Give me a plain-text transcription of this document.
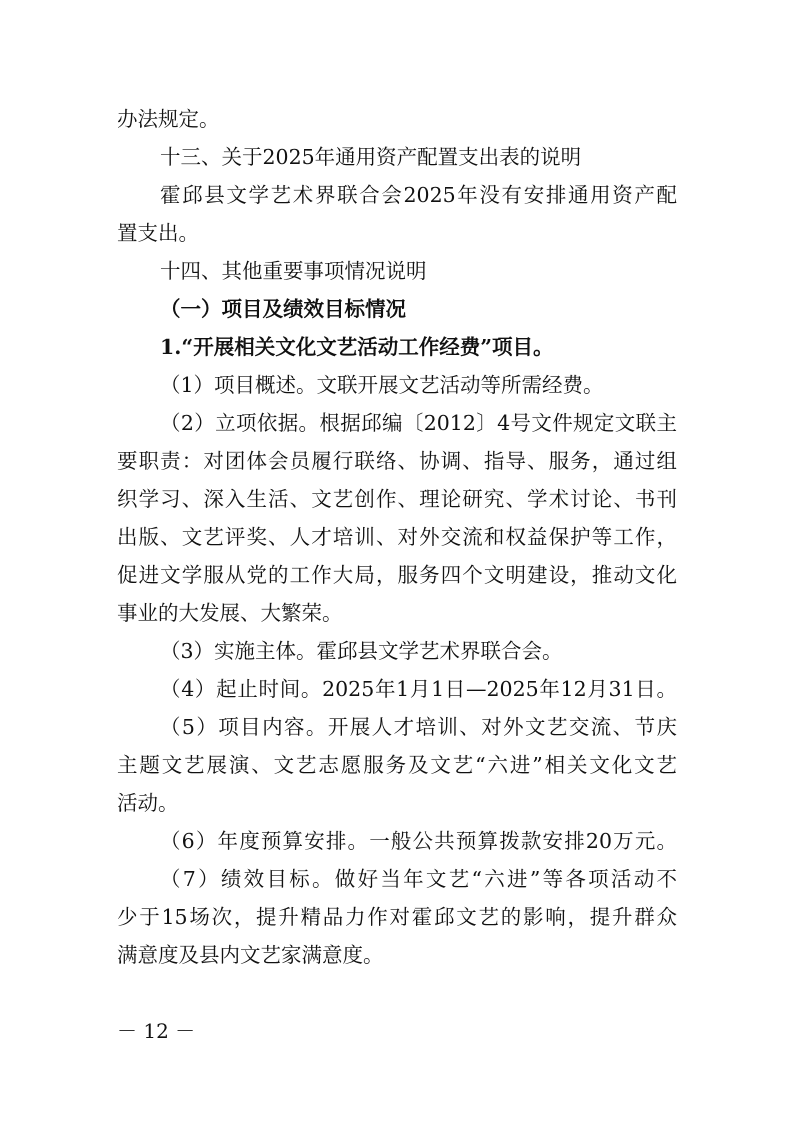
办法规定。
十三、关于2025年通用资产配置支出表的说明
霍邱县文学艺术界联合会2025年没有安排通用资产配
置支出。
十四、其他重要事项情况说明
（一）项目及绩效目标情况
1.“开展相关文化文艺活动工作经费”项目。
（1）项目概述。文联开展文艺活动等所需经费。
（2）立项依据。根据邱编〔2012〕4号文件规定文联主
要职责：对团体会员履行联络、协调、指导、服务，通过组
织学习、深入生活、文艺创作、理论研究、学术讨论、书刊
出版、文艺评奖、人才培训、对外交流和权益保护等工作，
促进文学服从党的工作大局，服务四个文明建设，推动文化
事业的大发展、大繁荣。
（3）实施主体。霍邱县文学艺术界联合会。
（4）起止时间。2025年1月1日—2025年12月31日。
（5）项目内容。开展人才培训、对外文艺交流、节庆
主题文艺展演、文艺志愿服务及文艺“六进”相关文化文艺
活动。
（6）年度预算安排。一般公共预算拨款安排20万元。
（7）绩效目标。做好当年文艺“六进”等各项活动不
少于15场次，提升精品力作对霍邱文艺的影响，提升群众
满意度及县内文艺家满意度。
－ 12 －
